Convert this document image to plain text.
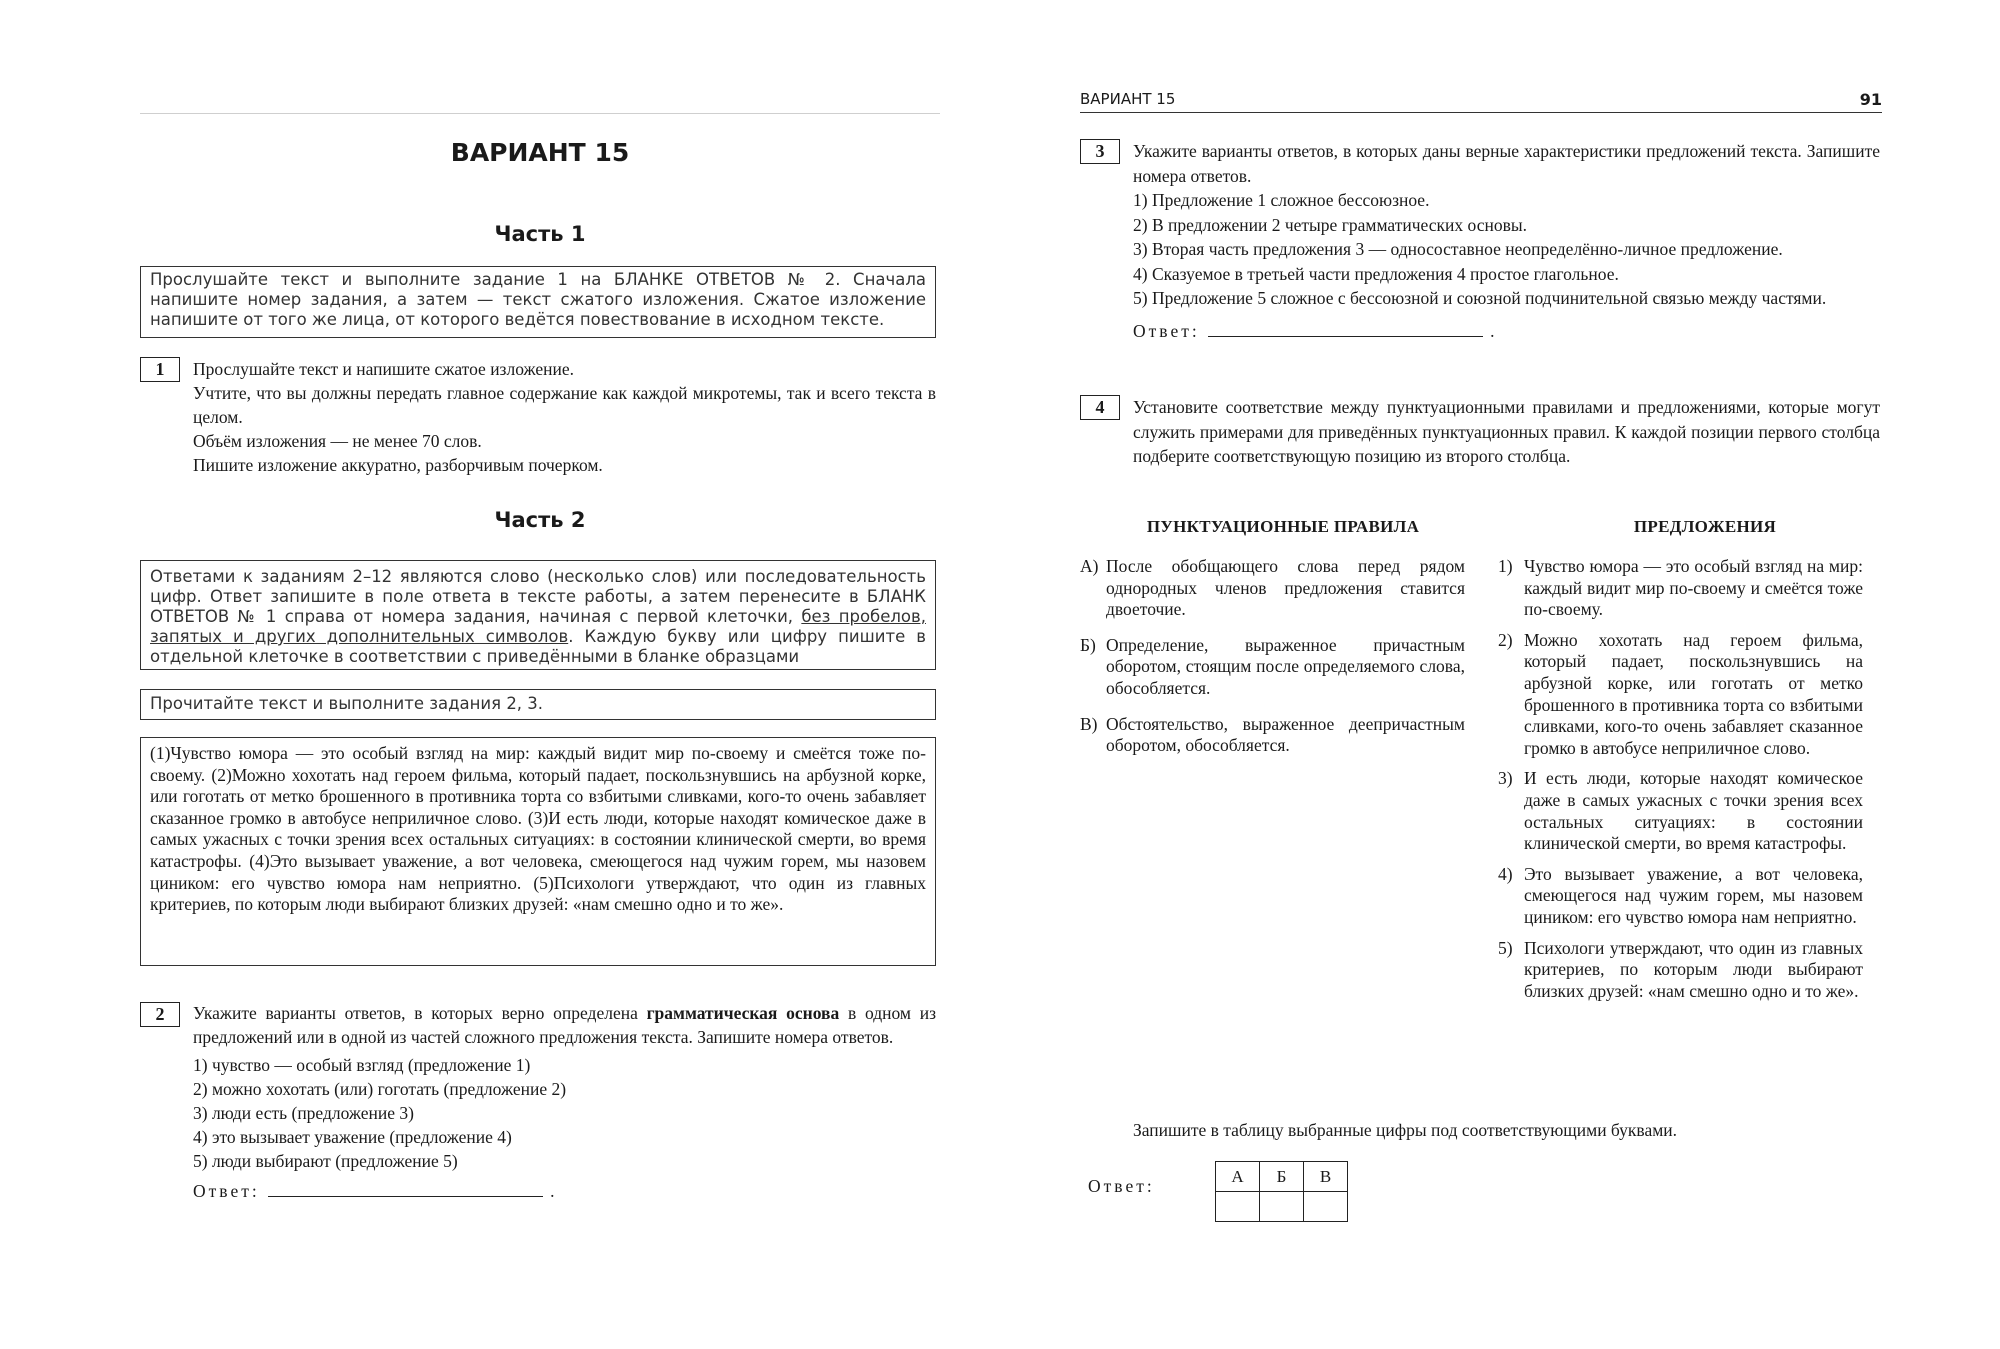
ВАРИАНТ 15
Часть 1
Прослушайте текст и выполните задание 1 на БЛАНКЕ ОТВЕТОВ № 2. Сначала напишите номер задания, а затем — текст сжатого изложения. Сжатое изложение напишите от того же лица, от которого ведётся повествование в исходном тексте.
1	Прослушайте текст и напишите сжатое изложение.

Учтите, что вы должны передать главное содержание как каждой микротемы, так и всего текста в целом.

Объём изложения — не менее 70 слов.

Пишите изложение аккуратно, разборчивым почерком.

Часть 2
Ответами к заданиям 2–12 являются слово (несколько слов) или последовательность цифр. Ответ запишите в поле ответа в тексте работы, а затем перенесите в БЛАНК ОТВЕТОВ № 1 справа от номера задания, начиная с первой клеточки, без пробелов, запятых и других дополнительных символов. Каждую букву или цифру пишите в отдельной клеточке в соответствии с приведёнными в бланке образцами
Прочитайте текст и выполните задания 2, 3.
(1)Чувство юмора — это особый взгляд на мир: каждый видит мир по-своему и смеётся тоже по-своему. (2)Можно хохотать над героем фильма, который падает, поскользнувшись на арбузной корке, или гоготать от метко брошенного в противника торта со взбитыми сливками, кого-то очень забавляет сказанное громко в автобусе неприличное слово. (3)И есть люди, которые находят комическое даже в самых ужасных с точки зрения всех остальных ситуациях: в состоянии клинической смерти, во время катастрофы. (4)Это вызывает уважение, а вот человека, смеющегося над чужим горем, мы назовем циником: его чувство юмора нам неприятно. (5)Психологи утверждают, что один из главных критериев, по которым люди выбирают близких друзей: «нам смешно одно и то же».
2	Укажите варианты ответов, в которых верно определена грамматическая основа в одном из предложений или в одной из частей сложного предложения текста. Запишите номера ответов.

1) чувство — особый взгляд (предложение 1)
2) можно хохотать (или) гоготать (предложение 2)
3) люди есть (предложение 3)
4) это вызывает уважение (предложение 4)
5) люди выбирают (предложение 5)
Ответ:	.
ВАРИАНТ 15	91
3	Укажите варианты ответов, в которых даны верные характеристики предложений текста. Запишите номера ответов.

1) Предложение 1 сложное бессоюзное.
2) В предложении 2 четыре грамматических основы.
3) Вторая часть предложения 3 — односоставное неопределённо-личное предложение.
4) Сказуемое в третьей части предложения 4 простое глагольное.
5) Предложение 5 сложное с бессоюзной и союзной подчинительной связью между частями.
Ответ:	.
4	Установите соответствие между пунктуационными правилами и предложениями, которые могут служить примерами для приведённых пунктуационных правил. К каждой позиции первого столбца подберите соответствующую позицию из второго столбца.
ПУНКТУАЦИОННЫЕ ПРАВИЛА	ПРЕДЛОЖЕНИЯ
А) После обобщающего слова перед рядом однородных членов предложения ставится двоеточие.
Б) Определение, выраженное причастным оборотом, стоящим после определяемого слова, обособляется.
В) Обстоятельство, выраженное деепричастным оборотом, обособляется.
1) Чувство юмора — это особый взгляд на мир: каждый видит мир по-своему и смеётся тоже по-своему.
2) Можно хохотать над героем фильма, который падает, поскользнувшись на арбузной корке, или гоготать от метко брошенного в противника торта со взбитыми сливками, кого-то очень забавляет сказанное громко в автобусе неприличное слово.
3) И есть люди, которые находят комическое даже в самых ужасных с точки зрения всех остальных ситуациях: в состоянии клинической смерти, во время катастрофы.
4) Это вызывает уважение, а вот человека, смеющегося над чужим горем, мы назовем циником: его чувство юмора нам неприятно.
5) Психологи утверждают, что один из главных критериев, по которым люди выбирают близких друзей: «нам смешно одно и то же».
Запишите в таблицу выбранные цифры под соответствующими буквами.
Ответ:	А	Б	В
